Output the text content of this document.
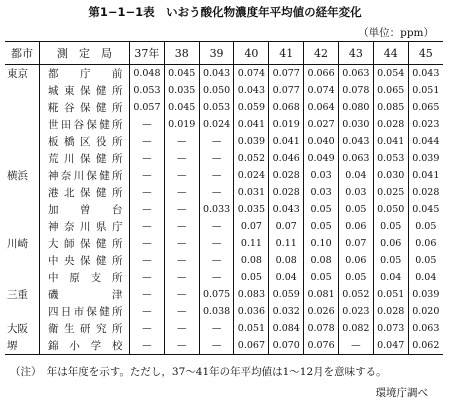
第1−1−1表　いおう酸化物濃度年平均値の経年変化
（単位：ppm）
都市	測　定　局	37年	38	39	40	41	42	43	44	45
東京	都庁前	0.048	0.045	0.043	0.074	0.077	0.066	0.063	0.054	0.043
	城東保健所	0.053	0.035	0.050	0.043	0.077	0.074	0.078	0.065	0.051
	糀谷保健所	0.057	0.045	0.053	0.059	0.068	0.064	0.080	0.085	0.065
	世田谷保健所	—	0.019	0.024	0.041	0.019	0.027	0.030	0.028	0.023
	板橋区役所	—	—	—	0.039	0.041	0.040	0.043	0.041	0.044
	荒川保健所	—	—	—	0.052	0.046	0.049	0.063	0.053	0.039
横浜	神奈川保健所	—	—	—	0.024	0.028	0.03	0.04	0.030	0.041
	港北保健所	—	—	—	0.031	0.028	0.03	0.03	0.025	0.028
	加曽台	—	—	0.033	0.035	0.043	0.05	0.05	0.050	0.045
	神奈川県庁	—	—	—	0.07	0.07	0.05	0.06	0.05	0.05
川崎	大師保健所	—	—	—	0.11	0.11	0.10	0.07	0.06	0.06
	中央保健所	—	—	—	0.08	0.08	0.08	0.06	0.05	0.05
	中原支所	—	—	—	0.05	0.04	0.05	0.05	0.04	0.04
三重	磯津	—	—	0.075	0.083	0.059	0.081	0.052	0.051	0.039
	四日市保健所	—	—	0.038	0.036	0.032	0.026	0.023	0.028	0.020
大阪	衛生研究所	—	—	—	0.051	0.084	0.078	0.082	0.073	0.063
堺	錦小学校	—	—	—	0.067	0.070	0.076	—	0.047	0.062
（注）　年は年度を示す。ただし，37〜41年の年平均値は1〜12月を意味する。
環境庁調べ
